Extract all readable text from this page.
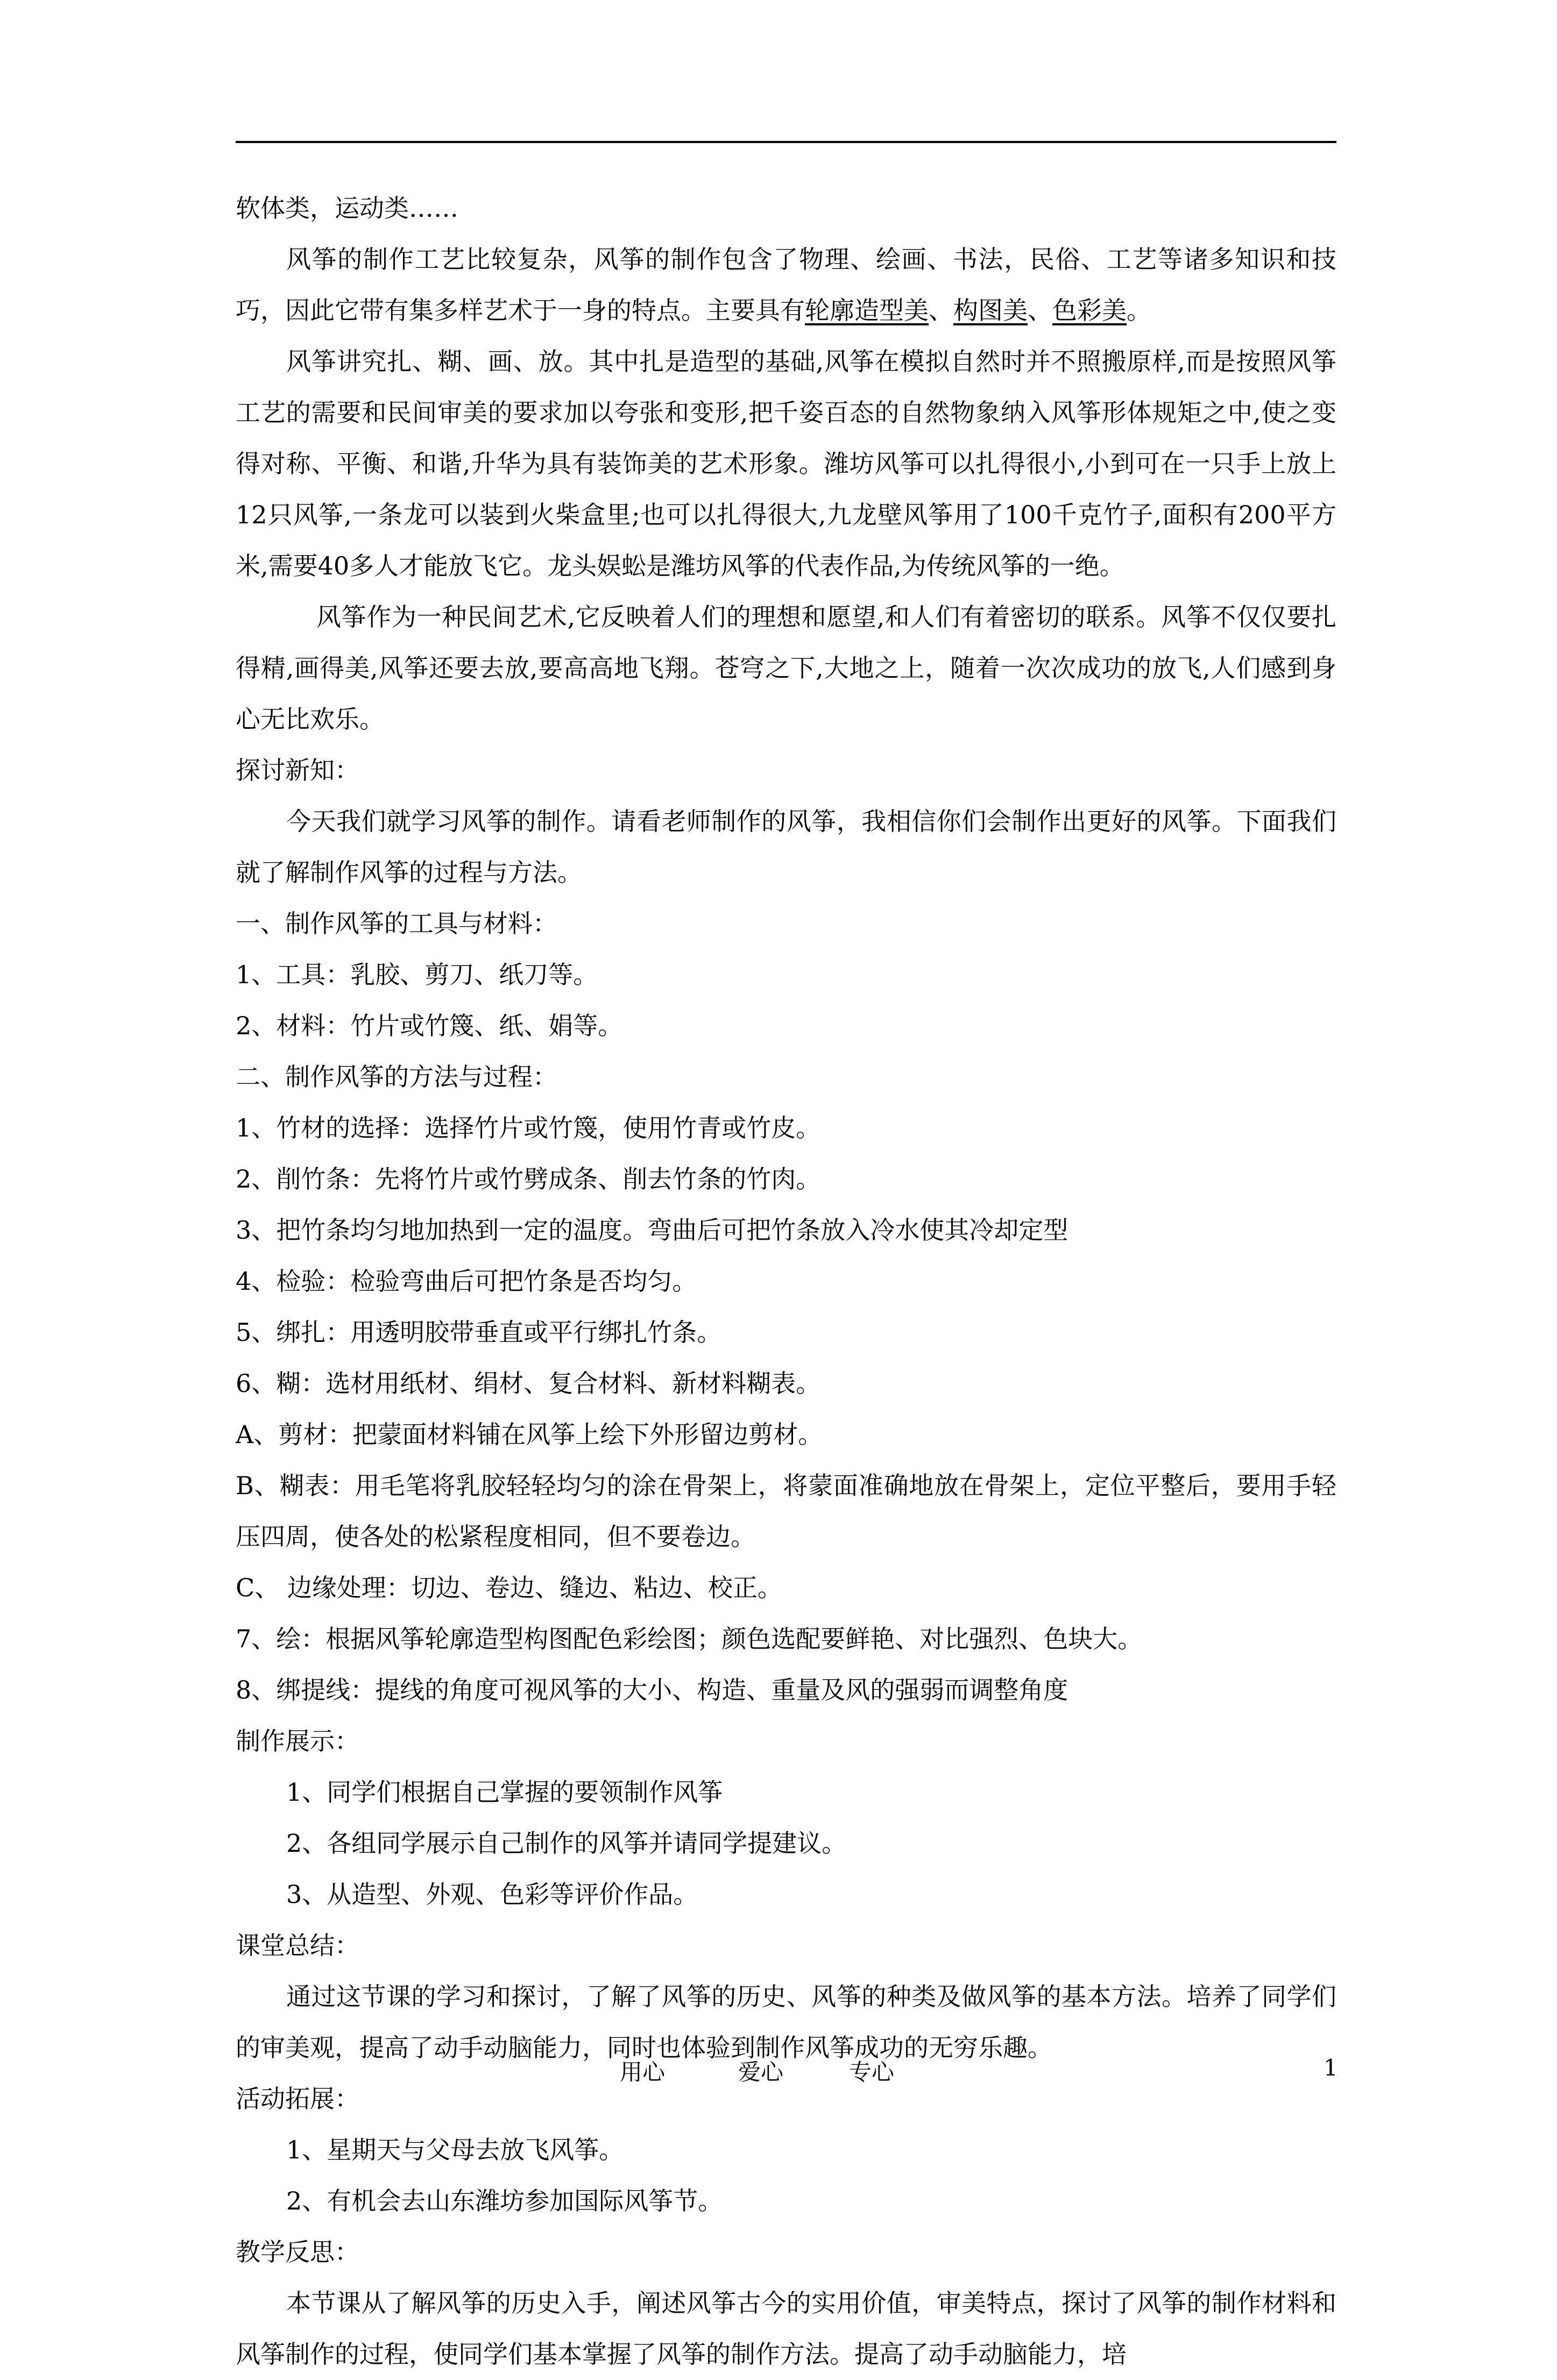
软体类，运动类……
风筝的制作工艺比较复杂，风筝的制作包含了物理、绘画、书法，民俗、工艺等诸多知识和技巧，因此它带有集多样艺术于一身的特点。主要具有轮廓造型美、构图美、色彩美。
风筝讲究扎、糊、画、放。其中扎是造型的基础,风筝在模拟自然时并不照搬原样,而是按照风筝工艺的需要和民间审美的要求加以夸张和变形,把千姿百态的自然物象纳入风筝形体规矩之中,使之变得对称、平衡、和谐,升华为具有装饰美的艺术形象。潍坊风筝可以扎得很小,小到可在一只手上放上12只风筝,一条龙可以装到火柴盒里;也可以扎得很大,九龙壁风筝用了100千克竹子,面积有200平方米,需要40多人才能放飞它。龙头娱蚣是潍坊风筝的代表作品,为传统风筝的一绝。
风筝作为一种民间艺术,它反映着人们的理想和愿望,和人们有着密切的联系。风筝不仅仅要扎得精,画得美,风筝还要去放,要高高地飞翔。苍穹之下,大地之上，随着一次次成功的放飞,人们感到身心无比欢乐。
探讨新知：
今天我们就学习风筝的制作。请看老师制作的风筝，我相信你们会制作出更好的风筝。下面我们就了解制作风筝的过程与方法。
一、制作风筝的工具与材料：
1、工具：乳胶、剪刀、纸刀等。
2、材料：竹片或竹篾、纸、娟等。
二、制作风筝的方法与过程：
1、竹材的选择：选择竹片或竹篾，使用竹青或竹皮。
2、削竹条：先将竹片或竹劈成条、削去竹条的竹肉。
3、把竹条均匀地加热到一定的温度。弯曲后可把竹条放入冷水使其冷却定型
4、检验：检验弯曲后可把竹条是否均匀。
5、绑扎：用透明胶带垂直或平行绑扎竹条。
6、糊：选材用纸材、绢材、复合材料、新材料糊表。
A、剪材：把蒙面材料铺在风筝上绘下外形留边剪材。
B、糊表：用毛笔将乳胶轻轻均匀的涂在骨架上，将蒙面准确地放在骨架上，定位平整后，要用手轻压四周，使各处的松紧程度相同，但不要卷边。
C、 边缘处理：切边、卷边、缝边、粘边、校正。
7、绘：根据风筝轮廓造型构图配色彩绘图；颜色选配要鲜艳、对比强烈、色块大。
8、绑提线：提线的角度可视风筝的大小、构造、重量及风的强弱而调整角度
制作展示：
1、同学们根据自己掌握的要领制作风筝
2、各组同学展示自己制作的风筝并请同学提建议。
3、从造型、外观、色彩等评价作品。
课堂总结：
通过这节课的学习和探讨，了解了风筝的历史、风筝的种类及做风筝的基本方法。培养了同学们的审美观，提高了动手动脑能力，同时也体验到制作风筝成功的无穷乐趣。
活动拓展：
1、星期天与父母去放飞风筝。
2、有机会去山东潍坊参加国际风筝节。
教学反思：
本节课从了解风筝的历史入手，阐述风筝古今的实用价值，审美特点，探讨了风筝的制作材料和风筝制作的过程，使同学们基本掌握了风筝的制作方法。提高了动手动脑能力，培
用心	爱心	专心	1
